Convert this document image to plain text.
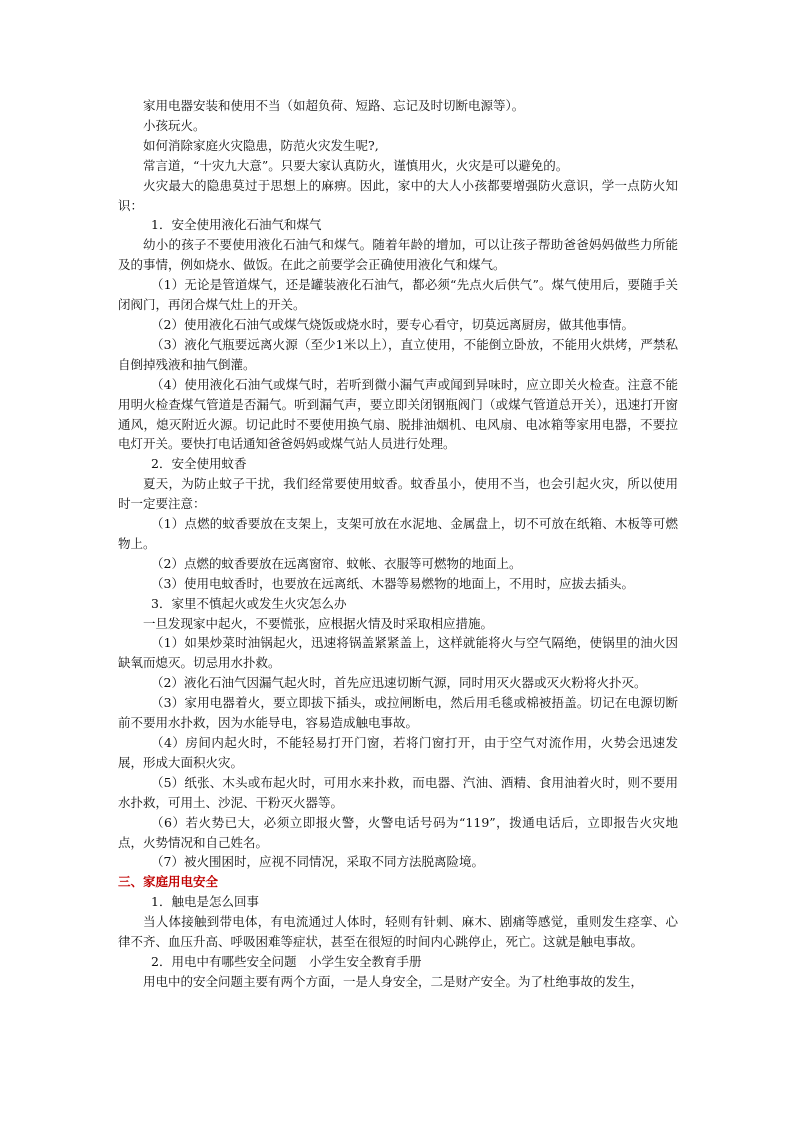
家用电器安装和使用不当（如超负荷、短路、忘记及时切断电源等）。

小孩玩火。

如何消除家庭火灾隐患，防范火灾发生呢?,

常言道，“十灾九大意”。只要大家认真防火，谨慎用火，火灾是可以避免的。

火灾最大的隐患莫过于思想上的麻痹。因此，家中的大人小孩都要增强防火意识，学一点防火知识：

1．安全使用液化石油气和煤气

幼小的孩子不要使用液化石油气和煤气。随着年龄的增加，可以让孩子帮助爸爸妈妈做些力所能及的事情，例如烧水、做饭。在此之前要学会正确使用液化气和煤气。

（1）无论是管道煤气，还是罐装液化石油气，都必须“先点火后供气”。煤气使用后，要随手关闭阀门，再闭合煤气灶上的开关。

（2）使用液化石油气或煤气烧饭或烧水时，要专心看守，切莫远离厨房，做其他事情。

（3）液化气瓶要远离火源（至少1米以上），直立使用，不能倒立卧放，不能用火烘烤，严禁私自倒掉残液和抽气倒灌。

（4）使用液化石油气或煤气时，若听到微小漏气声或闻到异味时，应立即关火检查。注意不能用明火检查煤气管道是否漏气。听到漏气声，要立即关闭钢瓶阀门（或煤气管道总开关），迅速打开窗通风，熄灭附近火源。切记此时不要使用换气扇、脱排油烟机、电风扇、电冰箱等家用电器，不要拉电灯开关。要快打电话通知爸爸妈妈或煤气站人员进行处理。

2．安全使用蚊香

夏天，为防止蚊子干扰，我们经常要使用蚊香。蚊香虽小，使用不当，也会引起火灾，所以使用时一定要注意：

（1）点燃的蚊香要放在支架上，支架可放在水泥地、金属盘上，切不可放在纸箱、木板等可燃物上。

（2）点燃的蚊香要放在远离窗帘、蚊帐、衣服等可燃物的地面上。

（3）使用电蚊香时，也要放在远离纸、木器等易燃物的地面上，不用时，应拔去插头。

3．家里不慎起火或发生火灾怎么办

一旦发现家中起火，不要慌张，应根据火情及时采取相应措施。

（1）如果炒菜时油锅起火，迅速将锅盖紧紧盖上，这样就能将火与空气隔绝，使锅里的油火因缺氧而熄灭。切忌用水扑救。

（2）液化石油气因漏气起火时，首先应迅速切断气源，同时用灭火器或灭火粉将火扑灭。

（3）家用电器着火，要立即拔下插头，或拉闸断电，然后用毛毯或棉被捂盖。切记在电源切断前不要用水扑救，因为水能导电，容易造成触电事故。

（4）房间内起火时，不能轻易打开门窗，若将门窗打开，由于空气对流作用，火势会迅速发展，形成大面积火灾。

（5）纸张、木头或布起火时，可用水来扑救，而电器、汽油、酒精、食用油着火时，则不要用水扑救，可用土、沙泥、干粉灭火器等。

（6）若火势已大，必须立即报火警，火警电话号码为“119”，拨通电话后，立即报告火灾地点，火势情况和自己姓名。

（7）被火围困时，应视不同情况，采取不同方法脱离险境。

三、家庭用电安全

1．触电是怎么回事

当人体接触到带电体，有电流通过人体时，轻则有针刺、麻木、剧痛等感觉，重则发生痉挛、心律不齐、血压升高、呼吸困难等症状，甚至在很短的时间内心跳停止，死亡。这就是触电事故。

2．用电中有哪些安全问题　小学生安全教育手册

用电中的安全问题主要有两个方面，一是人身安全，二是财产安全。为了杜绝事故的发生，
